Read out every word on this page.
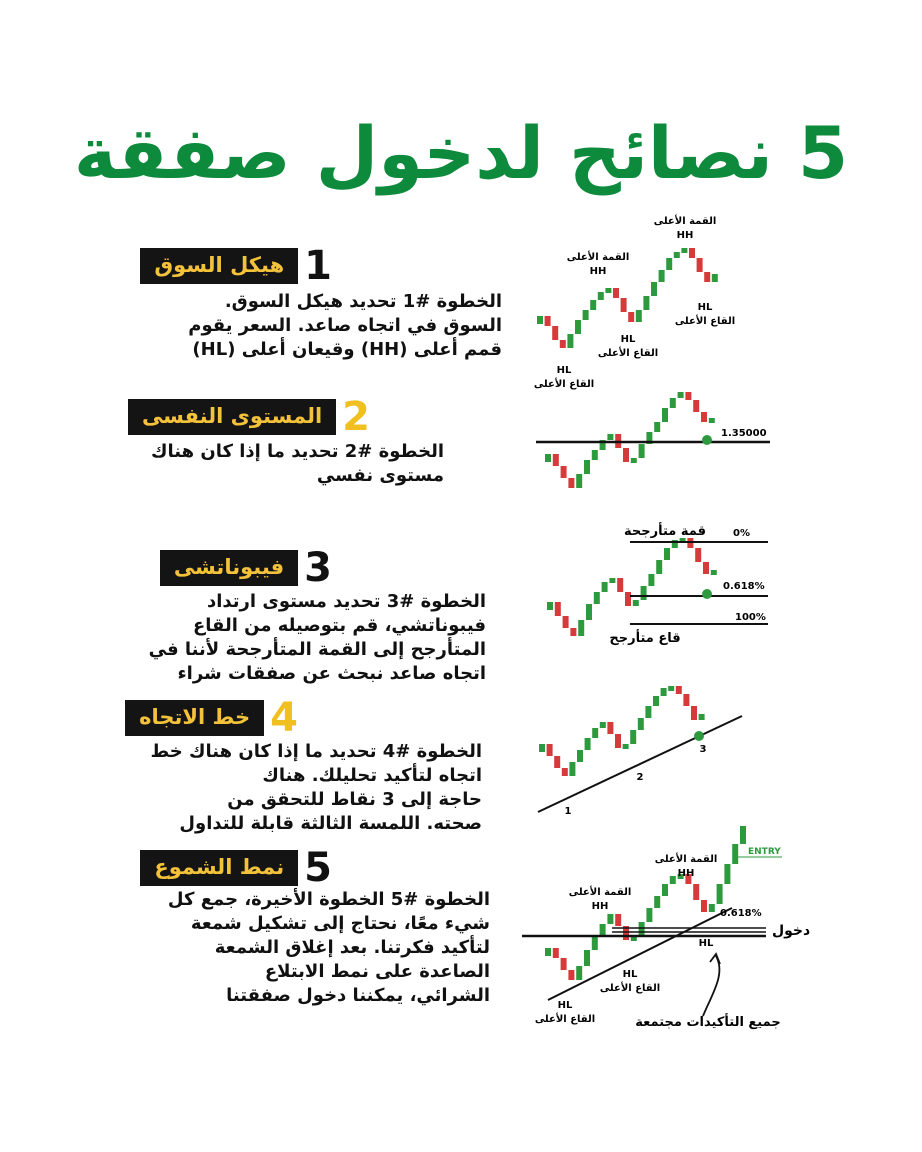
5 نصائح لدخول صفقة
1
هيكل السوق
2
المستوى النفسى
3
فيبوناتشى
4
خط الاتجاه
5
نمط الشموع
الخطوة #1 تحديد هيكل السوق.
السوق في اتجاه صاعد. السعر يقوم
قمم أعلى (HH) وقيعان أعلى (HL)
الخطوة #2 تحديد ما إذا كان هناك
مستوى نفسي
الخطوة #3 تحديد مستوى ارتداد
فيبوناتشي، قم بتوصيله من القاع
المتأرجح إلى القمة المتأرجحة لأننا في
اتجاه صاعد نبحث عن صفقات شراء
الخطوة #4 تحديد ما إذا كان هناك خط
اتجاه لتأكيد تحليلك. هناك
حاجة إلى 3 نقاط للتحقق من
صحته. اللمسة الثالثة قابلة للتداول
الخطوة #5 الخطوة الأخيرة، جمع كل
شيء معًا، نحتاج إلى تشكيل شمعة
لتأكيد فكرتنا. بعد إغلاق الشمعة
الصاعدة على نمط الابتلاع
الشرائي، يمكننا دخول صفقتنا
القمة الأعلى
HH
القمة الأعلى
HH
HL
القاع الأعلى
HL
القاع الأعلى
HL
القاع الأعلى
1.35000
قمة متأرجحة	0%
0.618%
100%
قاع متأرجح
1
2
3
ENTRY
دخول
0.618%
القمة الأعلى
HH
القمة الأعلى
HH
HL
القاع الأعلى
HL
القاع الأعلى
HL
جميع التأكيدات مجتمعة
